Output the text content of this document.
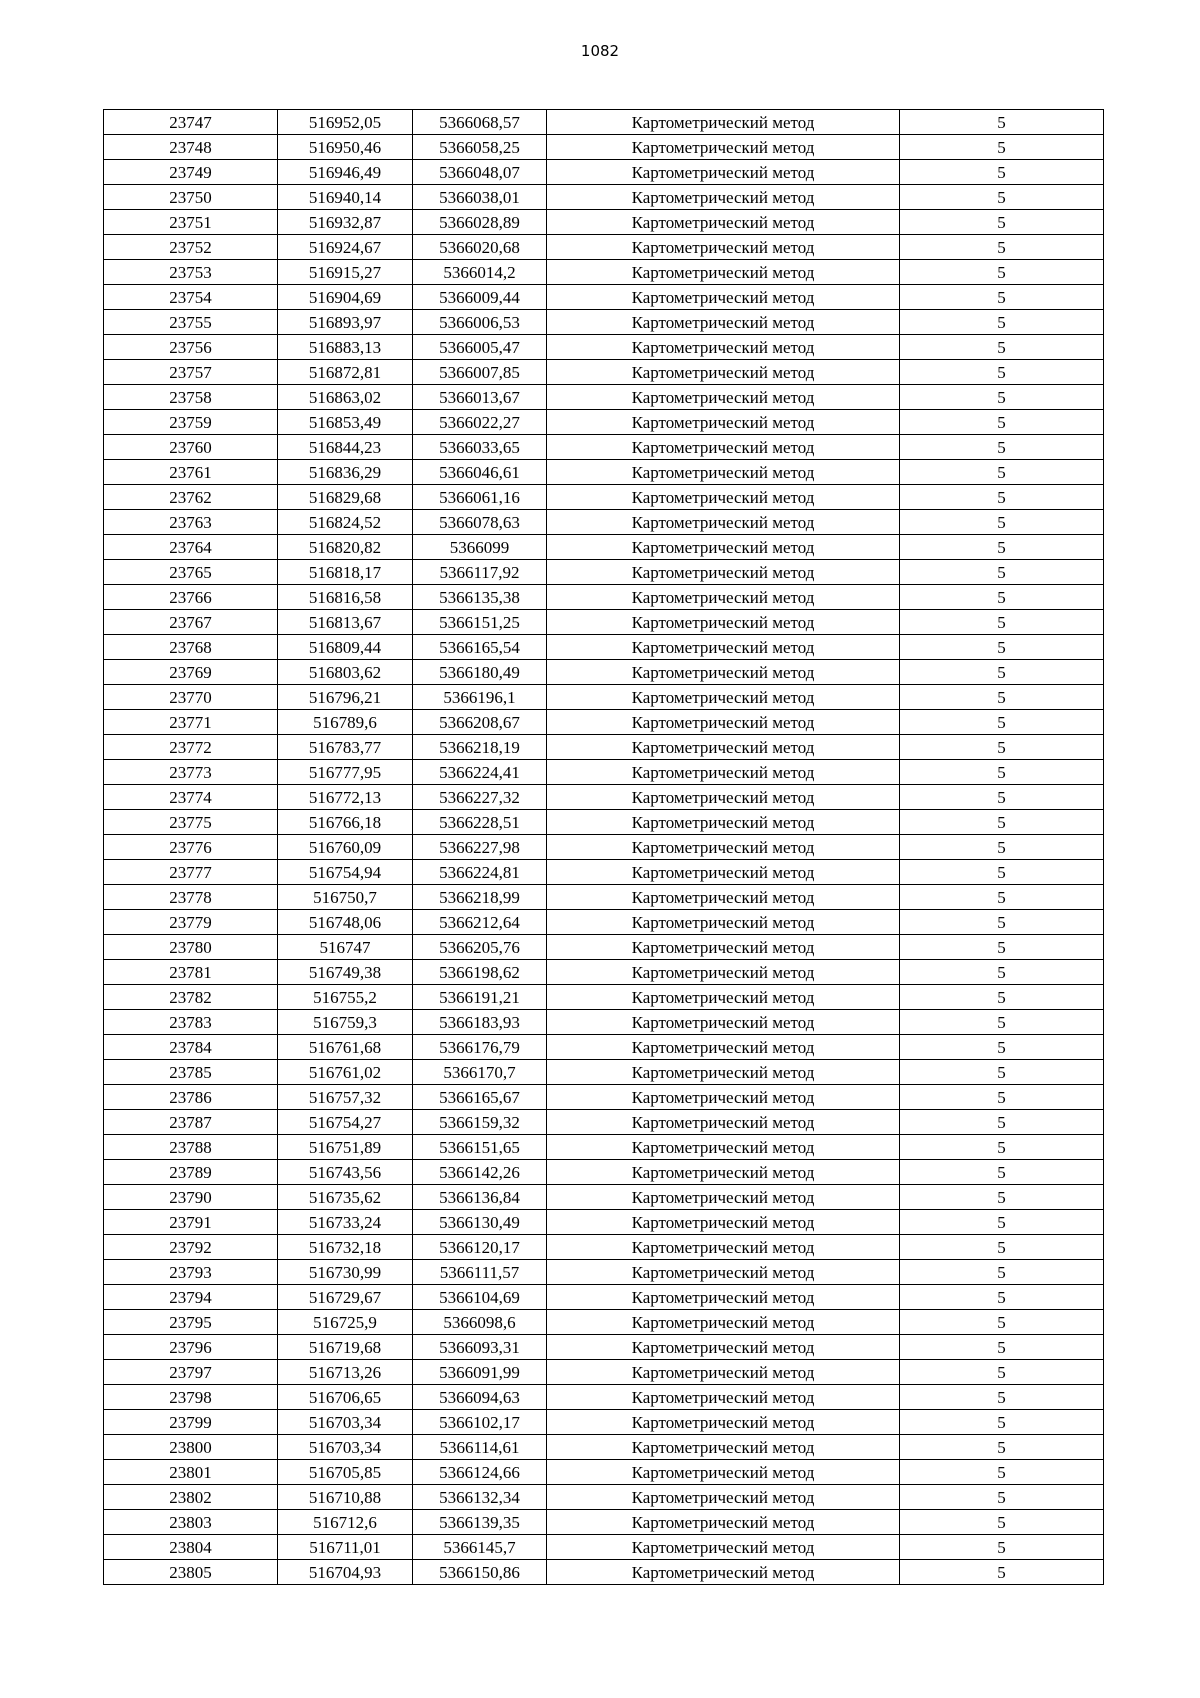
1082
23747	516952,05	5366068,57	Картометрический метод	5
23748	516950,46	5366058,25	Картометрический метод	5
23749	516946,49	5366048,07	Картометрический метод	5
23750	516940,14	5366038,01	Картометрический метод	5
23751	516932,87	5366028,89	Картометрический метод	5
23752	516924,67	5366020,68	Картометрический метод	5
23753	516915,27	5366014,2	Картометрический метод	5
23754	516904,69	5366009,44	Картометрический метод	5
23755	516893,97	5366006,53	Картометрический метод	5
23756	516883,13	5366005,47	Картометрический метод	5
23757	516872,81	5366007,85	Картометрический метод	5
23758	516863,02	5366013,67	Картометрический метод	5
23759	516853,49	5366022,27	Картометрический метод	5
23760	516844,23	5366033,65	Картометрический метод	5
23761	516836,29	5366046,61	Картометрический метод	5
23762	516829,68	5366061,16	Картометрический метод	5
23763	516824,52	5366078,63	Картометрический метод	5
23764	516820,82	5366099	Картометрический метод	5
23765	516818,17	5366117,92	Картометрический метод	5
23766	516816,58	5366135,38	Картометрический метод	5
23767	516813,67	5366151,25	Картометрический метод	5
23768	516809,44	5366165,54	Картометрический метод	5
23769	516803,62	5366180,49	Картометрический метод	5
23770	516796,21	5366196,1	Картометрический метод	5
23771	516789,6	5366208,67	Картометрический метод	5
23772	516783,77	5366218,19	Картометрический метод	5
23773	516777,95	5366224,41	Картометрический метод	5
23774	516772,13	5366227,32	Картометрический метод	5
23775	516766,18	5366228,51	Картометрический метод	5
23776	516760,09	5366227,98	Картометрический метод	5
23777	516754,94	5366224,81	Картометрический метод	5
23778	516750,7	5366218,99	Картометрический метод	5
23779	516748,06	5366212,64	Картометрический метод	5
23780	516747	5366205,76	Картометрический метод	5
23781	516749,38	5366198,62	Картометрический метод	5
23782	516755,2	5366191,21	Картометрический метод	5
23783	516759,3	5366183,93	Картометрический метод	5
23784	516761,68	5366176,79	Картометрический метод	5
23785	516761,02	5366170,7	Картометрический метод	5
23786	516757,32	5366165,67	Картометрический метод	5
23787	516754,27	5366159,32	Картометрический метод	5
23788	516751,89	5366151,65	Картометрический метод	5
23789	516743,56	5366142,26	Картометрический метод	5
23790	516735,62	5366136,84	Картометрический метод	5
23791	516733,24	5366130,49	Картометрический метод	5
23792	516732,18	5366120,17	Картометрический метод	5
23793	516730,99	5366111,57	Картометрический метод	5
23794	516729,67	5366104,69	Картометрический метод	5
23795	516725,9	5366098,6	Картометрический метод	5
23796	516719,68	5366093,31	Картометрический метод	5
23797	516713,26	5366091,99	Картометрический метод	5
23798	516706,65	5366094,63	Картометрический метод	5
23799	516703,34	5366102,17	Картометрический метод	5
23800	516703,34	5366114,61	Картометрический метод	5
23801	516705,85	5366124,66	Картометрический метод	5
23802	516710,88	5366132,34	Картометрический метод	5
23803	516712,6	5366139,35	Картометрический метод	5
23804	516711,01	5366145,7	Картометрический метод	5
23805	516704,93	5366150,86	Картометрический метод	5
